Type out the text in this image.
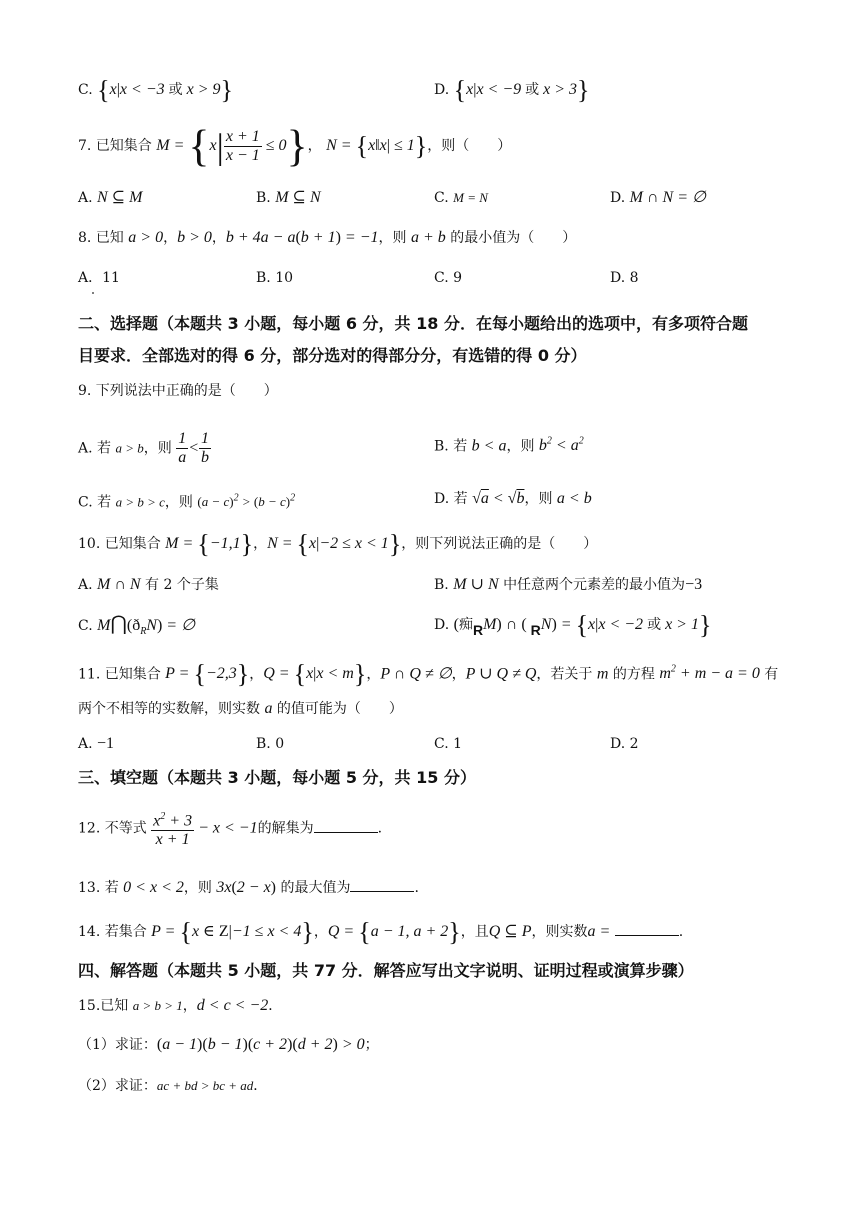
C. {x|x < −3 或 x > 9}	D. {x|x < −9 或 x > 3}
7. 已知集合 $M = \{x| \frac{x + 1}{x - 1} \le 0\}$， N = {x‖x| ≤ 1}，则（　　）
A. N ⊆ M	B. M ⊆ N	C. M = N	D. M ∩ N = ∅
8. 已知 a > 0，b > 0，b + 4a − a(b + 1) = −1，则 a + b 的最小值为（　　）
A．11	B. 10	C. 9	D. 8
二、选择题（本题共 3 小题，每小题 6 分，共 18 分．在每小题给出的选项中，有多项符合题
目要求．全部选对的得 6 分，部分选对的得部分分，有选错的得 0 分）
9. 下列说法中正确的是（　　）
A. 若 a > b，则 $\frac{1}{a} < \frac{1}{b}$	B. 若 b < a，则 $b^2 < a^2$
C. 若 a > b > c，则 $(a - c)^2 > (b - c)^2$	D. 若 √a < √b，则 a < b
10. 已知集合 M = {−1,1}，N = {x|−2 ≤ x < 1}，则下列说法正确的是（　　）
A. M ∩ N 有 2 个子集	B. M ∪ N 中任意两个元素差的最小值为−3
C. $M⋂(ð_RN)$ = ∅	D. (痴RM) ∩ ( RN) = {x|x < −2 或 x > 1}
11. 已知集合 P = {−2,3}，Q = {x|x < m}，P ∩ Q ≠ ∅，P ∪ Q ≠ Q，若关于 m 的方程 $m^2 + m - a = 0$ 有
两个不相等的实数解，则实数 a 的值可能为（　　）
A. −1	B. 0	C. 1	D. 2
三、填空题（本题共 3 小题，每小题 5 分，共 15 分）
12. 不等式 $\frac{x^2 + 3}{x + 1} - x < -1$的解集为	.
13. 若 0 < x < 2，则 3x(2 − x) 的最大值为	.
14. 若集合 P = {x ∈ Z|−1 ≤ x < 4}，Q = {a − 1, a + 2}，且Q ⊆ P，则实数a =	.
四、解答题（本题共 5 小题，共 77 分．解答应写出文字说明、证明过程或演算步骤）
15.已知 a > b > 1，d < c < −2．
（1）求证：(a − 1)(b − 1)(c + 2)(d + 2) > 0；
（2）求证：ac + bd > bc + ad．
